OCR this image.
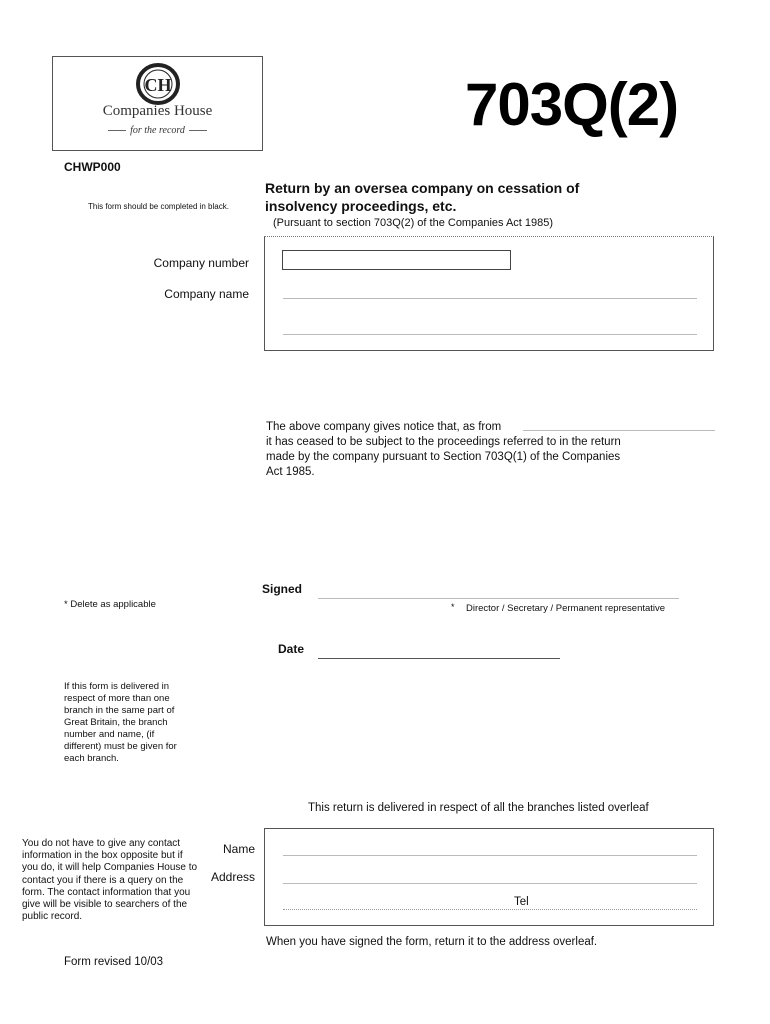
CH
Companies House
for the record	703Q(2)
CHWP000
This form should be completed in black.
Return by an oversea company on cessation of
insolvency proceedings, etc.
(Pursuant to section 703Q(2) of the Companies Act 1985)
Company number
Company name
The above company gives notice that, as from
it has ceased to be subject to the proceedings referred to in the return
made by the company pursuant to Section 703Q(1) of the Companies
Act 1985.
Signed
* Delete as applicable	* Director / Secretary / Permanent representative
Date
If this form is delivered in respect of more than one branch in the same part of Great Britain, the branch number and name, (if different) must be given for each branch.
This return is delivered in respect of all the branches listed overleaf
You do not have to give any contact information in the box opposite but if you do, it will help Companies House to contact you if there is a query on the form. The contact information that you give will be visible to searchers of the public record.
Name
Address
Tel
When you have signed the form, return it to the address overleaf.
Form revised 10/03
